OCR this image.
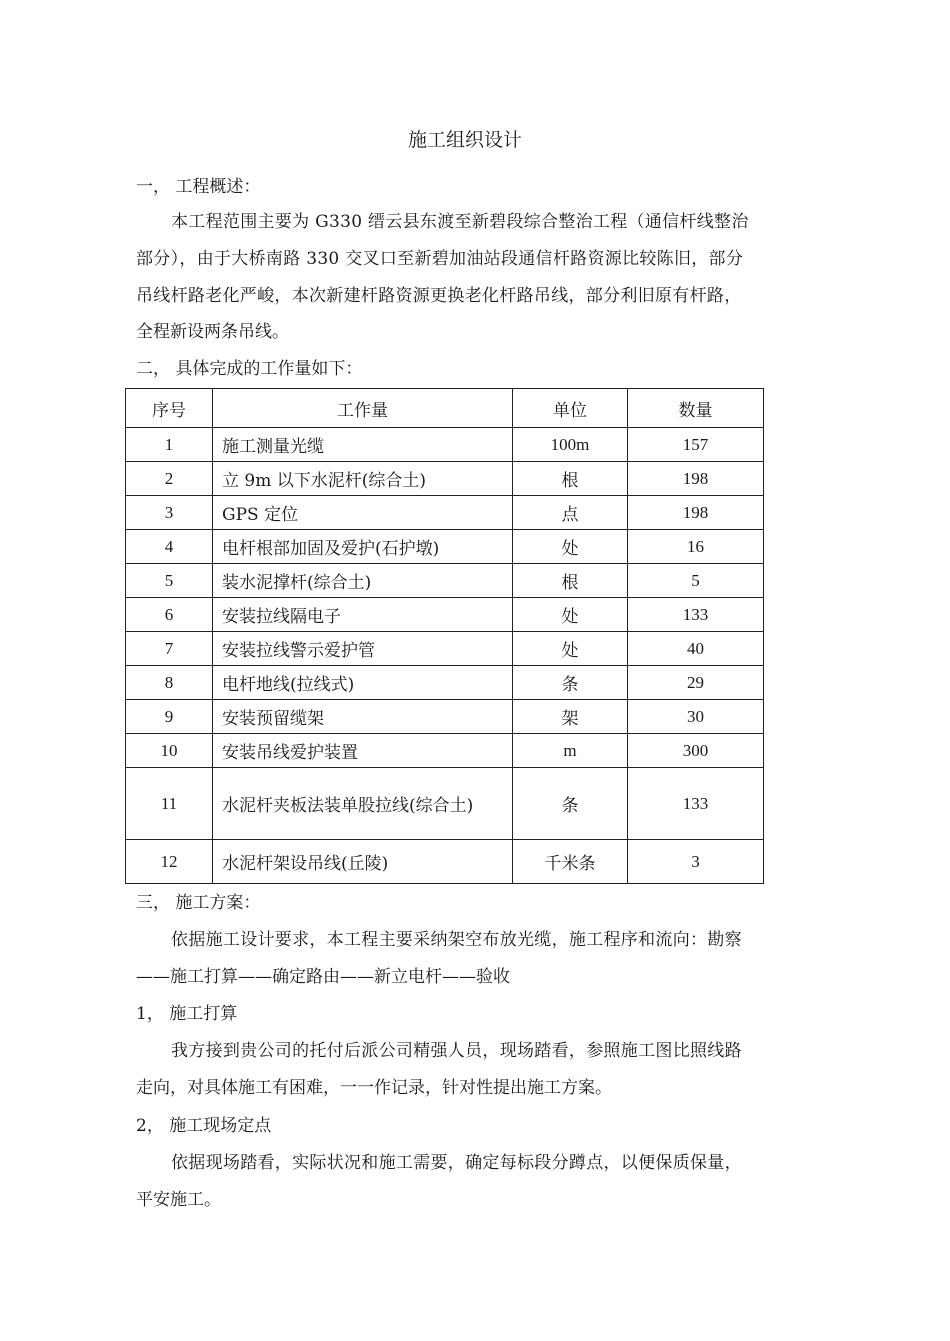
施工组织设计
一， 工程概述：
本工程范围主要为 G330 缙云县东渡至新碧段综合整治工程（通信杆线整治
部分），由于大桥南路 330 交叉口至新碧加油站段通信杆路资源比较陈旧，部分
吊线杆路老化严峻，本次新建杆路资源更换老化杆路吊线，部分利旧原有杆路，
全程新设两条吊线。
二， 具体完成的工作量如下：
序号	工作量	单位	数量
1	施工测量光缆	100m	157
2	立 9m 以下水泥杆(综合土)	根	198
3	GPS 定位	点	198
4	电杆根部加固及爱护(石护墩)	处	16
5	装水泥撑杆(综合土)	根	5
6	安装拉线隔电子	处	133
7	安装拉线警示爱护管	处	40
8	电杆地线(拉线式)	条	29
9	安装预留缆架	架	30
10	安装吊线爱护装置	m	300
11	水泥杆夹板法装单股拉线(综合土)	条	133
12	水泥杆架设吊线(丘陵)	千米条	3
三， 施工方案：
依据施工设计要求，本工程主要采纳架空布放光缆，施工程序和流向：勘察
——施工打算——确定路由——新立电杆——验收
1， 施工打算
我方接到贵公司的托付后派公司精强人员，现场踏看，参照施工图比照线路
走向，对具体施工有困难，一一作记录，针对性提出施工方案。
2， 施工现场定点
依据现场踏看，实际状况和施工需要，确定每标段分蹲点，以便保质保量，
平安施工。
